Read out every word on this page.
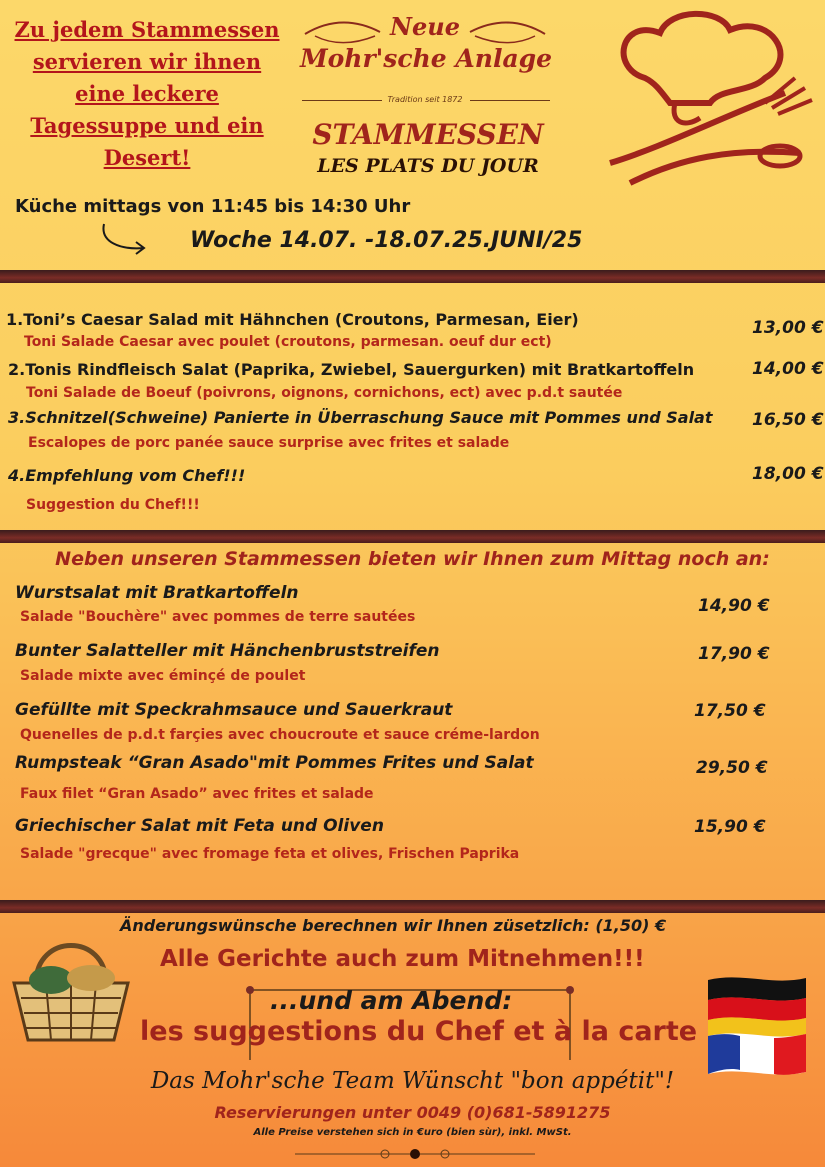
Zu jedem Stammessen servieren wir ihnen eine leckere Tagessuppe und ein Desert!
Neue
Mohr'sche Anlage
Tradition seit 1872
STAMMESSEN
LES PLATS DU JOUR
Küche mittags von 11:45 bis 14:30 Uhr
Woche 14.07. -18.07.25.JUNI/25
1.Toni’s Caesar Salad mit Hähnchen (Croutons, Parmesan, Eier)
Toni Salade Caesar avec poulet (croutons, parmesan. oeuf dur ect)
13,00 €
2.Tonis Rindfleisch Salat (Paprika, Zwiebel, Sauergurken) mit Bratkartoffeln
Toni Salade de Boeuf (poivrons, oignons, cornichons, ect) avec p.d.t sautée
14,00 €
3.Schnitzel(Schweine) Panierte in Überraschung Sauce mit Pommes und Salat
Escalopes de porc panée sauce surprise avec frites et salade
16,50 €
4.Empfehlung vom Chef!!!
Suggestion du Chef!!!
18,00 €
Neben unseren Stammessen bieten wir Ihnen zum Mittag noch an:
Wurstsalat mit Bratkartoffeln
Salade "Bouchère" avec pommes de terre sautées
14,90 €
Bunter Salatteller mit Hänchenbruststreifen
Salade mixte avec éminçé de poulet
17,90 €
Gefüllte mit Speckrahmsauce und Sauerkraut
Quenelles de p.d.t farçies avec choucroute et sauce créme-lardon
17,50 €
Rumpsteak “Gran Asado"mit Pommes Frites und Salat
Faux filet “Gran Asado” avec frites et salade
29,50 €
Griechischer Salat mit Feta und Oliven
Salade "grecque" avec fromage feta et olives, Frischen Paprika
15,90 €
Änderungswünsche berechnen wir Ihnen züsetzlich: (1,50) €
Alle Gerichte auch zum Mitnehmen!!!
...und am Abend:
les suggestions du Chef et à la carte
Das Mohr'sche Team Wünscht "bon appétit"!
Reservierungen unter 0049 (0)681-5891275
Alle Preise verstehen sich in €uro (bien sùr), inkl. MwSt.
